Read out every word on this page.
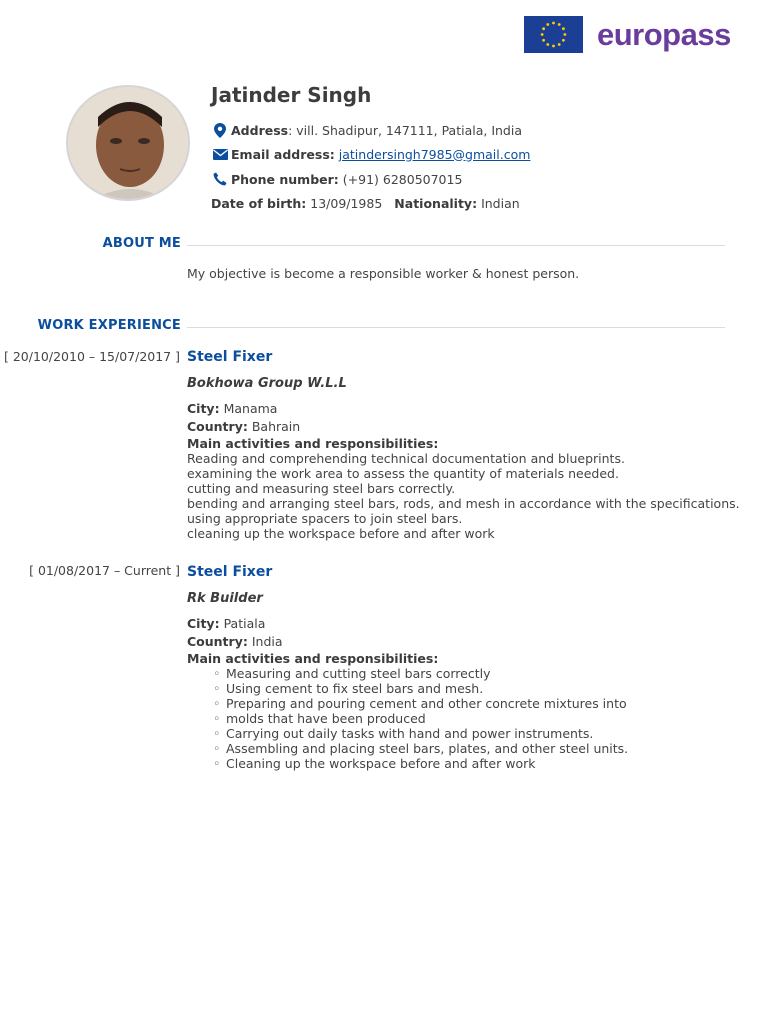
europass
Jatinder Singh
Address : vill. Shadipur, 147111, Patiala, India
Email address:
jatindersingh7985@gmail.com
Phone number:
(+91) 6280507015
Date of birth:
13/09/1985 Nationality:
Indian
ABOUT ME
My objective is become a responsible worker & honest person.
WORK EXPERIENCE
[ 20/10/2010 – 15/07/2017 ] Steel Fixer
Bokhowa Group W.L.L
City: Manama
Country: Bahrain
Main activities and responsibilities:
Reading and comprehending technical documentation and blueprints.
examining the work area to assess the quantity of materials needed.
cutting and measuring steel bars correctly.
bending and arranging steel bars, rods, and mesh in accordance with the specifications.
using appropriate spacers to join steel bars.
cleaning up the workspace before and after work
[ 01/08/2017 – Current ] Steel Fixer
Rk Builder
City: Patiala
Country: India
Main activities and responsibilities:
◦ Measuring and cutting steel bars correctly
◦ Using cement to fix steel bars and mesh.
◦ Preparing and pouring cement and other concrete mixtures into
◦ molds that have been produced
◦ Carrying out daily tasks with hand and power instruments.
◦ Assembling and placing steel bars, plates, and other steel units.
◦ Cleaning up the workspace before and after work
